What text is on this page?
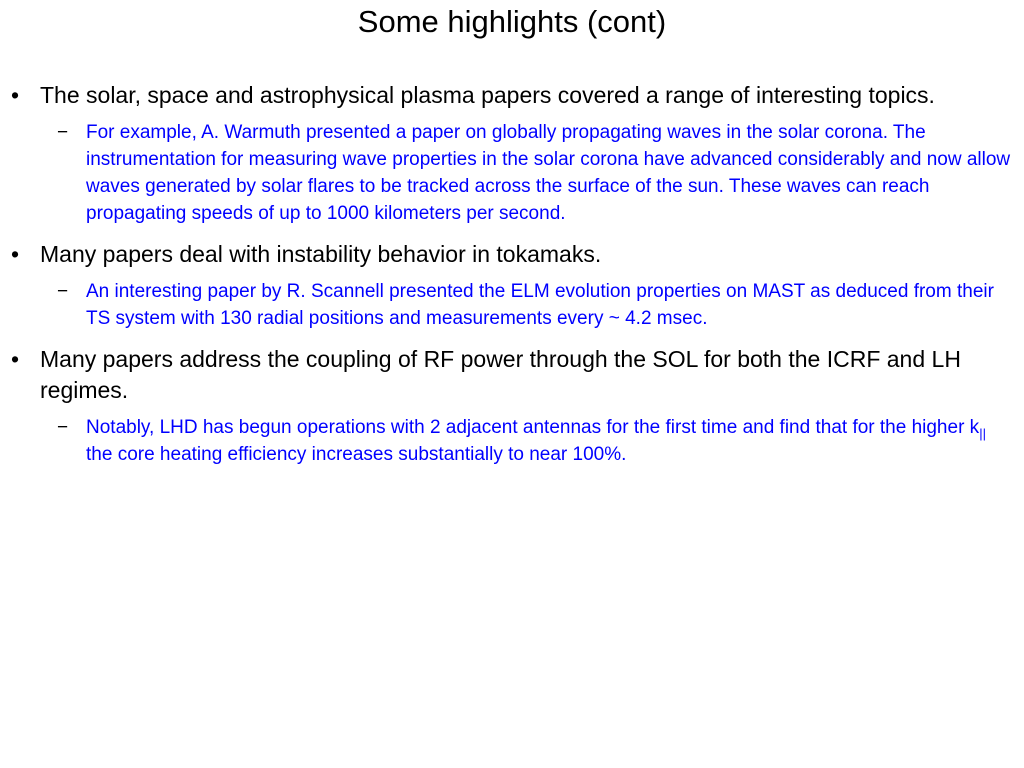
Some highlights (cont)
• The solar, space and astrophysical plasma papers covered a range of interesting topics.
− For example, A. Warmuth presented a paper on globally propagating waves in the solar corona. The instrumentation for measuring wave properties in the solar corona have advanced considerably and now allow waves generated by solar flares to be tracked across the surface of the sun. These waves can reach propagating speeds of up to 1000 kilometers per second.
• Many papers deal with instability behavior in tokamaks.
− An interesting paper by R. Scannell presented the ELM evolution properties on MAST as deduced from their TS system with 130 radial positions and measurements every ~ 4.2 msec.
• Many papers address the coupling of RF power through the SOL for both the ICRF and LH regimes.
− Notably, LHD has begun operations with 2 adjacent antennas for the first time and find that for the higher $k_{||}$ the core heating efficiency increases substantially to near 100%.
